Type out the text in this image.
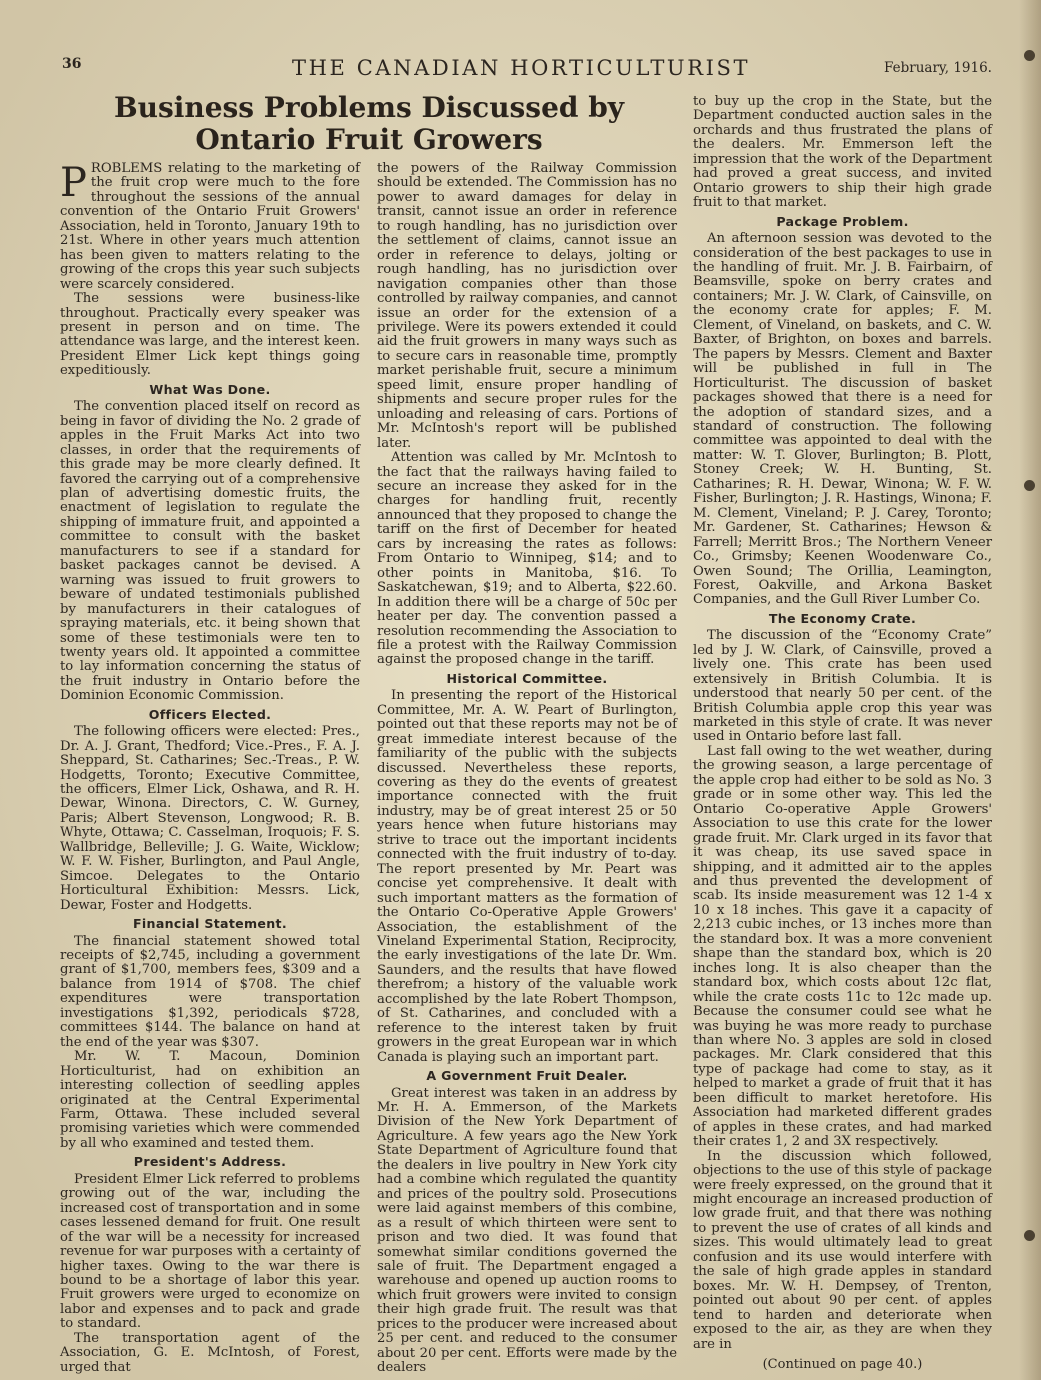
36	THE CANADIAN HORTICULTURIST	February, 1916.
Business Problems Discussed by Ontario Fruit Growers

PROBLEMS relating to the marketing of the fruit crop were much to the fore throughout the sessions of the annual convention of the Ontario Fruit Growers' Association, held in Toronto, January 19th to 21st. Where in other years much attention has been given to matters relating to the growing of the crops this year such subjects were scarcely considered.

The sessions were business-like throughout. Practically every speaker was present in person and on time. The attendance was large, and the interest keen. President Elmer Lick kept things going expeditiously.

What Was Done.

The convention placed itself on record as being in favor of dividing the No. 2 grade of apples in the Fruit Marks Act into two classes, in order that the requirements of this grade may be more clearly defined. It favored the carrying out of a comprehensive plan of advertising domestic fruits, the enactment of legislation to regulate the shipping of immature fruit, and appointed a committee to consult with the basket manufacturers to see if a standard for basket packages cannot be devised. A warning was issued to fruit growers to beware of undated testimonials published by manufacturers in their catalogues of spraying materials, etc. it being shown that some of these testimonials were ten to twenty years old. It appointed a committee to lay information concerning the status of the fruit industry in Ontario before the Dominion Economic Commission.

Officers Elected.

The following officers were elected: Pres., Dr. A. J. Grant, Thedford; Vice.-Pres., F. A. J. Sheppard, St. Catharines; Sec.-Treas., P. W. Hodgetts, Toronto; Executive Committee, the officers, Elmer Lick, Oshawa, and R. H. Dewar, Winona. Directors, C. W. Gurney, Paris; Albert Stevenson, Longwood; R. B. Whyte, Ottawa; C. Casselman, Iroquois; F. S. Wallbridge, Belleville; J. G. Waite, Wicklow; W. F. W. Fisher, Burlington, and Paul Angle, Simcoe. Delegates to the Ontario Horticultural Exhibition: Messrs. Lick, Dewar, Foster and Hodgetts.

Financial Statement.

The financial statement showed total receipts of $2,745, including a government grant of $1,700, members fees, $309 and a balance from 1914 of $708. The chief expenditures were transportation investigations $1,392, periodicals $728, committees $144. The balance on hand at the end of the year was $307.

Mr. W. T. Macoun, Dominion Horticulturist, had on exhibition an interesting collection of seedling apples originated at the Central Experimental Farm, Ottawa. These included several promising varieties which were commended by all who examined and tested them.

President's Address.

President Elmer Lick referred to problems growing out of the war, including the increased cost of transportation and in some cases lessened demand for fruit. One result of the war will be a necessity for increased revenue for war purposes with a certainty of higher taxes. Owing to the war there is bound to be a shortage of labor this year. Fruit growers were urged to economize on labor and expenses and to pack and grade to standard.

The transportation agent of the Association, G. E. McIntosh, of Forest, urged that

the powers of the Railway Commission should be extended. The Commission has no power to award damages for delay in transit, cannot issue an order in reference to rough handling, has no jurisdiction over the settlement of claims, cannot issue an order in reference to delays, jolting or rough handling, has no jurisdiction over navigation companies other than those controlled by railway companies, and cannot issue an order for the extension of a privilege. Were its powers extended it could aid the fruit growers in many ways such as to secure cars in reasonable time, promptly market perishable fruit, secure a minimum speed limit, ensure proper handling of shipments and secure proper rules for the unloading and releasing of cars. Portions of Mr. McIntosh's report will be published later.

Attention was called by Mr. McIntosh to the fact that the railways having failed to secure an increase they asked for in the charges for handling fruit, recently announced that they proposed to change the tariff on the first of December for heated cars by increasing the rates as follows: From Ontario to Winnipeg, $14; and to other points in Manitoba, $16. To Saskatchewan, $19; and to Alberta, $22.60. In addition there will be a charge of 50c per heater per day. The convention passed a resolution recommending the Association to file a protest with the Railway Commission against the proposed change in the tariff.

Historical Committee.

In presenting the report of the Historical Committee, Mr. A. W. Peart of Burlington, pointed out that these reports may not be of great immediate interest because of the familiarity of the public with the subjects discussed. Nevertheless these reports, covering as they do the events of greatest importance connected with the fruit industry, may be of great interest 25 or 50 years hence when future historians may strive to trace out the important incidents connected with the fruit industry of to-day. The report presented by Mr. Peart was concise yet comprehensive. It dealt with such important matters as the formation of the Ontario Co-Operative Apple Growers' Association, the establishment of the Vineland Experimental Station, Reciprocity, the early investigations of the late Dr. Wm. Saunders, and the results that have flowed therefrom; a history of the valuable work accomplished by the late Robert Thompson, of St. Catharines, and concluded with a reference to the interest taken by fruit growers in the great European war in which Canada is playing such an important part.

A Government Fruit Dealer.

Great interest was taken in an address by Mr. H. A. Emmerson, of the Markets Division of the New York Department of Agriculture. A few years ago the New York State Department of Agriculture found that the dealers in live poultry in New York city had a combine which regulated the quantity and prices of the poultry sold. Prosecutions were laid against members of this combine, as a result of which thirteen were sent to prison and two died. It was found that somewhat similar conditions governed the sale of fruit. The Department engaged a warehouse and opened up auction rooms to which fruit growers were invited to consign their high grade fruit. The result was that prices to the producer were increased about 25 per cent. and reduced to the consumer about 20 per cent. Efforts were made by the dealers

to buy up the crop in the State, but the Department conducted auction sales in the orchards and thus frustrated the plans of the dealers. Mr. Emmerson left the impression that the work of the Department had proved a great success, and invited Ontario growers to ship their high grade fruit to that market.

Package Problem.

An afternoon session was devoted to the consideration of the best packages to use in the handling of fruit. Mr. J. B. Fairbairn, of Beamsville, spoke on berry crates and containers; Mr. J. W. Clark, of Cainsville, on the economy crate for apples; F. M. Clement, of Vineland, on baskets, and C. W. Baxter, of Brighton, on boxes and barrels. The papers by Messrs. Clement and Baxter will be published in full in The Horticulturist. The discussion of basket packages showed that there is a need for the adoption of standard sizes, and a standard of construction. The following committee was appointed to deal with the matter: W. T. Glover, Burlington; B. Plott, Stoney Creek; W. H. Bunting, St. Catharines; R. H. Dewar, Winona; W. F. W. Fisher, Burlington; J. R. Hastings, Winona; F. M. Clement, Vineland; P. J. Carey, Toronto; Mr. Gardener, St. Catharines; Hewson & Farrell; Merritt Bros.; The Northern Veneer Co., Grimsby; Keenen Woodenware Co., Owen Sound; The Orillia, Leamington, Forest, Oakville, and Arkona Basket Companies, and the Gull River Lumber Co.

The Economy Crate.

The discussion of the “Economy Crate” led by J. W. Clark, of Cainsville, proved a lively one. This crate has been used extensively in British Columbia. It is understood that nearly 50 per cent. of the British Columbia apple crop this year was marketed in this style of crate. It was never used in Ontario before last fall.

Last fall owing to the wet weather, during the growing season, a large percentage of the apple crop had either to be sold as No. 3 grade or in some other way. This led the Ontario Co-operative Apple Growers' Association to use this crate for the lower grade fruit. Mr. Clark urged in its favor that it was cheap, its use saved space in shipping, and it admitted air to the apples and thus prevented the development of scab. Its inside measurement was 12 1-4 x 10 x 18 inches. This gave it a capacity of 2,213 cubic inches, or 13 inches more than the standard box. It was a more convenient shape than the standard box, which is 20 inches long. It is also cheaper than the standard box, which costs about 12c flat, while the crate costs 11c to 12c made up. Because the consumer could see what he was buying he was more ready to purchase than where No. 3 apples are sold in closed packages. Mr. Clark considered that this type of package had come to stay, as it helped to market a grade of fruit that it has been difficult to market heretofore. His Association had marketed different grades of apples in these crates, and had marked their crates 1, 2 and 3X respectively.

In the discussion which followed, objections to the use of this style of package were freely expressed, on the ground that it might encourage an increased production of low grade fruit, and that there was nothing to prevent the use of crates of all kinds and sizes. This would ultimately lead to great confusion and its use would interfere with the sale of high grade apples in standard boxes. Mr. W. H. Dempsey, of Trenton, pointed out about 90 per cent. of apples tend to harden and deteriorate when exposed to the air, as they are when they are in

(Continued on page 40.)
